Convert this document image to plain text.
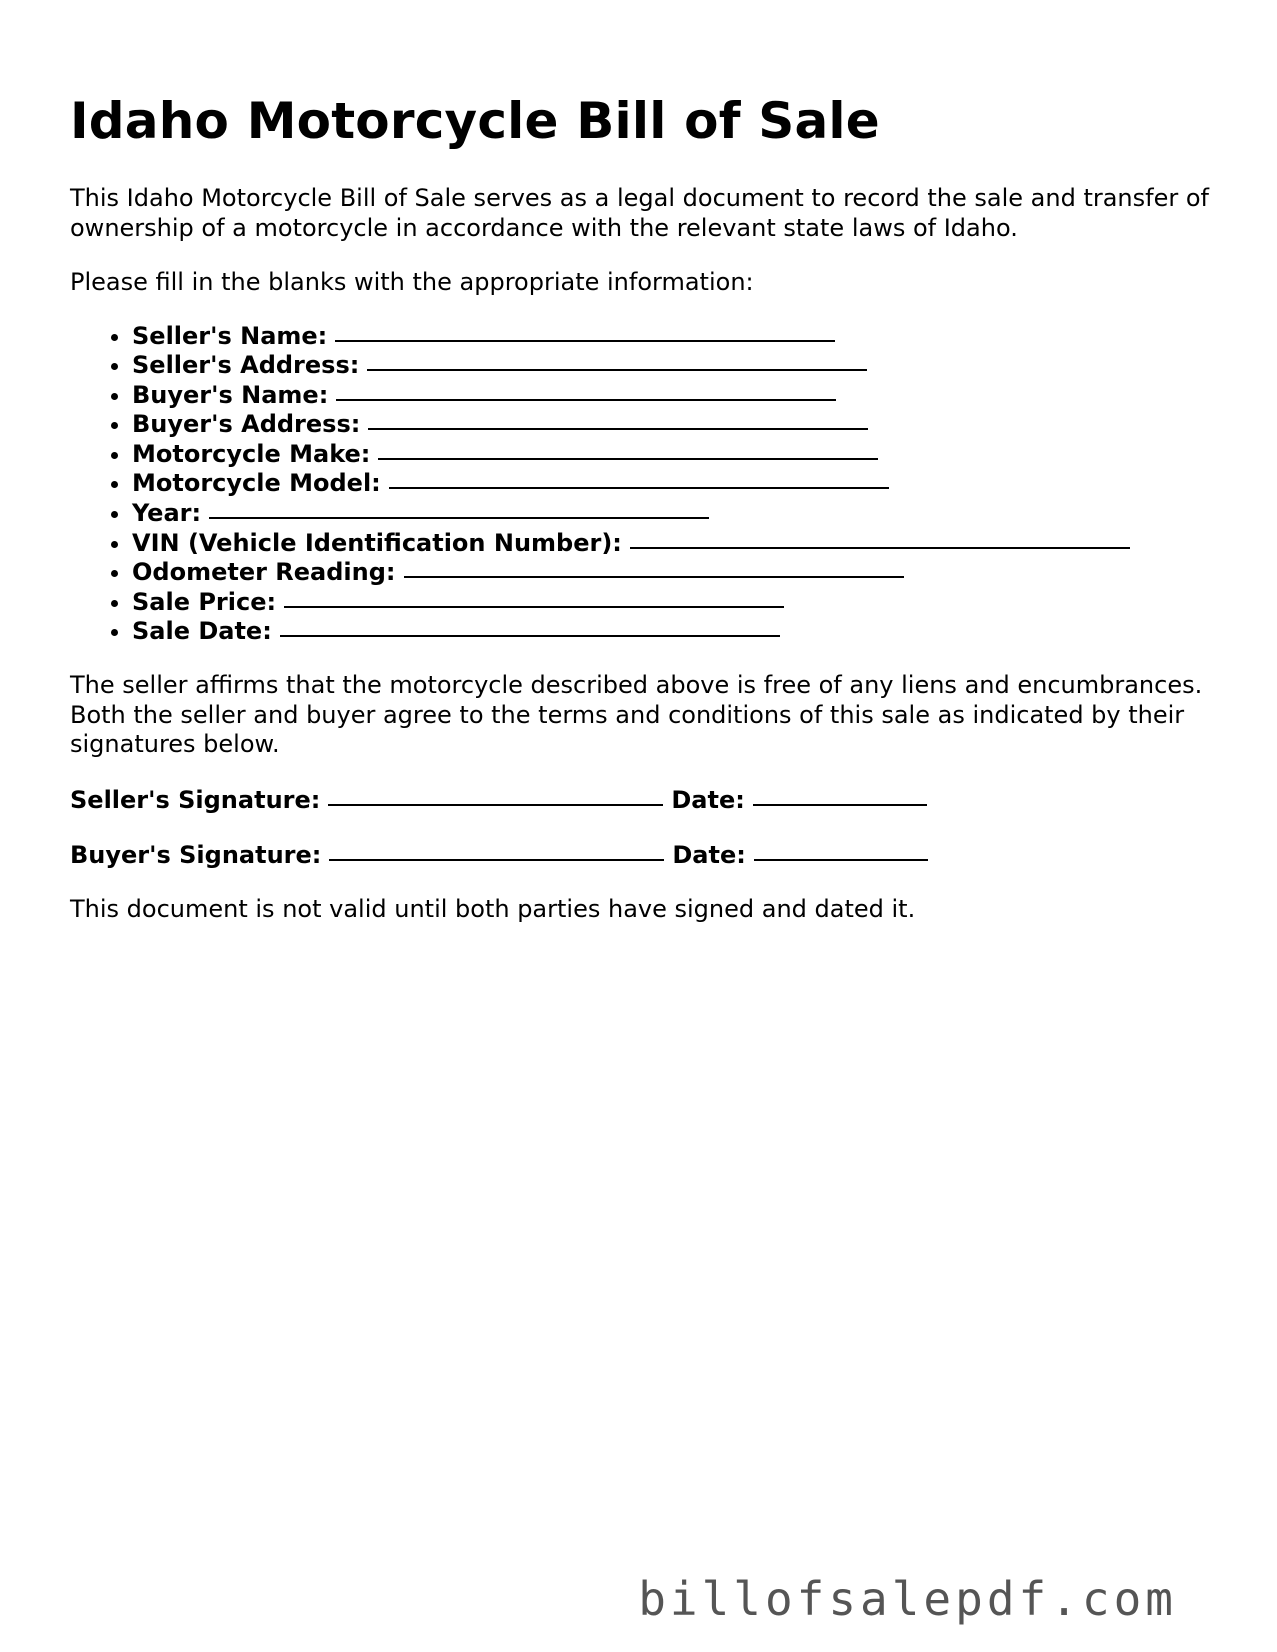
Idaho Motorcycle Bill of Sale

This Idaho Motorcycle Bill of Sale serves as a legal document to record the sale and transfer of ownership of a motorcycle in accordance with the relevant state laws of Idaho.

Please fill in the blanks with the appropriate information:

• Seller's Name:
• Seller's Address:
• Buyer's Name:
• Buyer's Address:
• Motorcycle Make:
• Motorcycle Model:
• Year:
• VIN (Vehicle Identification Number):
• Odometer Reading:
• Sale Price:
• Sale Date:

The seller affirms that the motorcycle described above is free of any liens and encumbrances. Both the seller and buyer agree to the terms and conditions of this sale as indicated by their signatures below.

Seller's Signature:	Date:
Buyer's Signature:	Date:

This document is not valid until both parties have signed and dated it.

billofsalepdf.com
